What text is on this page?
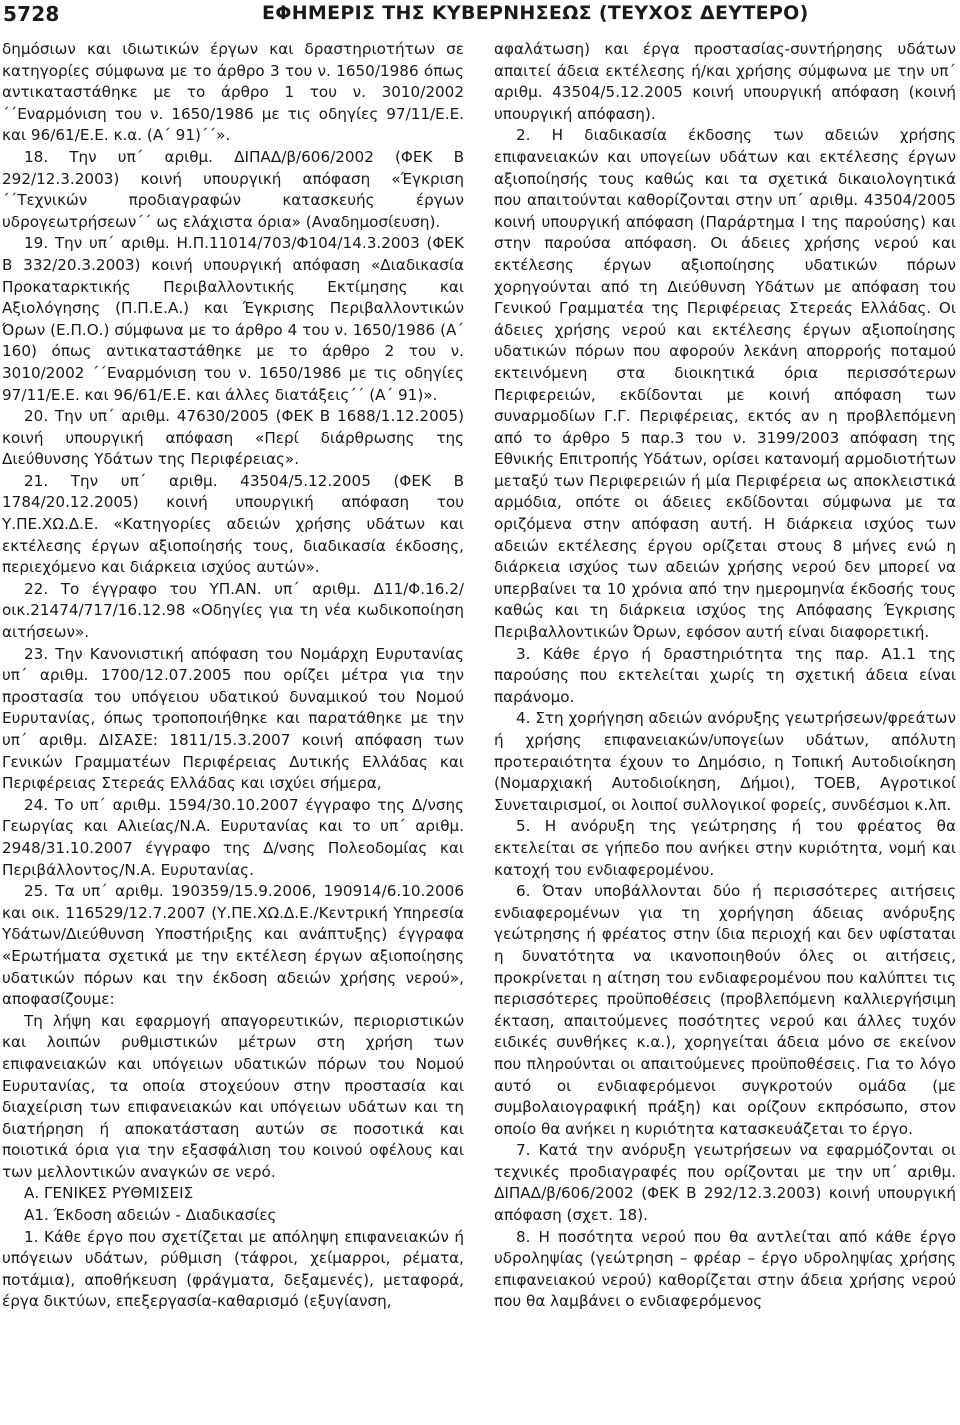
5728	ΕΦΗΜΕΡΙΣ ΤΗΣ ΚΥΒΕΡΝΗΣΕΩΣ (ΤΕΥΧΟΣ ΔΕΥΤΕΡΟ)

δημόσιων και ιδιωτικών έργων και δραστηριοτήτων σε κατηγορίες σύμφωνα με το άρθρο 3 του ν. 1650/1986 όπως αντικαταστάθηκε με το άρθρο 1 του ν. 3010/2002 ´´Εναρμόνιση του ν. 1650/1986 με τις οδηγίες 97/11/Ε.Ε. και 96/61/Ε.Ε. κ.α. (Α´ 91)´´».

18. Την υπ΄ αριθμ. ΔΙΠΑΔ/β/606/2002 (ΦΕΚ Β 292/12.3.2003) κοινή υπουργική απόφαση «Έγκριση ´´Τεχνικών προδιαγραφών κατασκευής έργων υδρογεωτρήσεων´´ ως ελάχιστα όρια» (Αναδημοσίευση).

19. Την υπ΄ αριθμ. Η.Π.11014/703/Φ104/14.3.2003 (ΦΕΚ Β 332/20.3.2003) κοινή υπουργική απόφαση «Διαδικασία Προκαταρκτικής Περιβαλλοντικής Εκτίμησης και Αξιολόγησης (Π.Π.Ε.Α.) και Έγκρισης Περιβαλλοντικών Όρων (Ε.Π.Ο.) σύμφωνα με το άρθρο 4 του ν. 1650/1986 (Α´ 160) όπως αντικαταστάθηκε με το άρθρο 2 του ν. 3010/2002 ´´Εναρμόνιση του ν. 1650/1986 με τις οδηγίες 97/11/Ε.Ε. και 96/61/Ε.Ε. και άλλες διατάξεις´´ (Α´ 91)».

20. Την υπ΄ αριθμ. 47630/2005 (ΦΕΚ Β 1688/1.12.2005) κοινή υπουργική απόφαση «Περί διάρθρωσης της Διεύθυνσης Υδάτων της Περιφέρειας».

21. Την υπ΄ αριθμ. 43504/5.12.2005 (ΦΕΚ Β 1784/20.12.2005) κοινή υπουργική απόφαση του Υ.ΠΕ.ΧΩ.Δ.Ε. «Κατηγορίες αδειών χρήσης υδάτων και εκτέλεσης έργων αξιοποίησής τους, διαδικασία έκδοσης, περιεχόμενο και διάρκεια ισχύος αυτών».

22. Το έγγραφο του ΥΠ.ΑΝ. υπ΄ αριθμ. Δ11/Φ.16.2/οικ.21474/717/16.12.98 «Οδηγίες για τη νέα κωδικοποίηση αιτήσεων».

23. Την Κανονιστική απόφαση του Νομάρχη Ευρυτανίας υπ΄ αριθμ. 1700/12.07.2005 που ορίζει μέτρα για την προστασία του υπόγειου υδατικού δυναμικού του Νομού Ευρυτανίας, όπως τροποποιήθηκε και παρατάθηκε με την υπ΄ αριθμ. ΔΙΣΑΣΕ: 1811/15.3.2007 κοινή απόφαση των Γενικών Γραμματέων Περιφέρειας Δυτικής Ελλάδας και Περιφέρειας Στερεάς Ελλάδας και ισχύει σήμερα,

24. Το υπ΄ αριθμ. 1594/30.10.2007 έγγραφο της Δ/νσης Γεωργίας και Αλιείας/Ν.Α. Ευρυτανίας και το υπ΄ αριθμ. 2948/31.10.2007 έγγραφο της Δ/νσης Πολεοδομίας και Περιβάλλοντος/Ν.Α. Ευρυτανίας.

25. Τα υπ΄ αριθμ. 190359/15.9.2006, 190914/6.10.2006 και οικ. 116529/12.7.2007 (Υ.ΠΕ.ΧΩ.Δ.Ε./Κεντρική Υπηρεσία Υδάτων/Διεύθυνση Υποστήριξης και ανάπτυξης) έγγραφα «Ερωτήματα σχετικά με την εκτέλεση έργων αξιοποίησης υδατικών πόρων και την έκδοση αδειών χρήσης νερού», αποφασίζουμε:

Τη λήψη και εφαρμογή απαγορευτικών, περιοριστικών και λοιπών ρυθμιστικών μέτρων στη χρήση των επιφανειακών και υπόγειων υδατικών πόρων του Νομού Ευρυτανίας, τα οποία στοχεύουν στην προστασία και διαχείριση των επιφανειακών και υπόγειων υδάτων και τη διατήρηση ή αποκατάσταση αυτών σε ποσοτικά και ποιοτικά όρια για την εξασφάλιση του κοινού οφέλους και των μελλοντικών αναγκών σε νερό.

Α. ΓΕΝΙΚΕΣ ΡΥΘΜΙΣΕΙΣ

Α1. Έκδοση αδειών - Διαδικασίες

1. Κάθε έργο που σχετίζεται με απόληψη επιφανειακών ή υπόγειων υδάτων, ρύθμιση (τάφροι, χείμαρροι, ρέματα, ποτάμια), αποθήκευση (φράγματα, δεξαμενές), μεταφορά, έργα δικτύων, επεξεργασία-καθαρισμό (εξυγίανση,

αφαλάτωση) και έργα προστασίας-συντήρησης υδάτων απαιτεί άδεια εκτέλεσης ή/και χρήσης σύμφωνα με την υπ΄ αριθμ. 43504/5.12.2005 κοινή υπουργική απόφαση (κοινή υπουργική απόφαση).

2. Η διαδικασία έκδοσης των αδειών χρήσης επιφανειακών και υπογείων υδάτων και εκτέλεσης έργων αξιοποίησής τους καθώς και τα σχετικά δικαιολογητικά που απαιτούνται καθορίζονται στην υπ΄ αριθμ. 43504/2005 κοινή υπουργική απόφαση (Παράρτημα Ι της παρούσης) και στην παρούσα απόφαση. Οι άδειες χρήσης νερού και εκτέλεσης έργων αξιοποίησης υδατικών πόρων χορηγούνται από τη Διεύθυνση Υδάτων με απόφαση του Γενικού Γραμματέα της Περιφέρειας Στερεάς Ελλάδας. Οι άδειες χρήσης νερού και εκτέλεσης έργων αξιοποίησης υδατικών πόρων που αφορούν λεκάνη απορροής ποταμού εκτεινόμενη στα διοικητικά όρια περισσότερων Περιφερειών, εκδίδονται με κοινή απόφαση των συναρμοδίων Γ.Γ. Περιφέρειας, εκτός αν η προβλεπόμενη από το άρθρο 5 παρ.3 του ν. 3199/2003 απόφαση της Εθνικής Επιτροπής Υδάτων, ορίσει κατανομή αρμοδιοτήτων μεταξύ των Περιφερειών ή μία Περιφέρεια ως αποκλειστικά αρμόδια, οπότε οι άδειες εκδίδονται σύμφωνα με τα οριζόμενα στην απόφαση αυτή. Η διάρκεια ισχύος των αδειών εκτέλεσης έργου ορίζεται στους 8 μήνες ενώ η διάρκεια ισχύος των αδειών χρήσης νερού δεν μπορεί να υπερβαίνει τα 10 χρόνια από την ημερομηνία έκδοσής τους καθώς και τη διάρκεια ισχύος της Απόφασης Έγκρισης Περιβαλλοντικών Όρων, εφόσον αυτή είναι διαφορετική.

3. Κάθε έργο ή δραστηριότητα της παρ. Α1.1 της παρούσης που εκτελείται χωρίς τη σχετική άδεια είναι παράνομο.

4. Στη χορήγηση αδειών ανόρυξης γεωτρήσεων/φρεάτων ή χρήσης επιφανειακών/υπογείων υδάτων, απόλυτη προτεραιότητα έχουν το Δημόσιο, η Τοπική Αυτοδιοίκηση (Νομαρχιακή Αυτοδιοίκηση, Δήμοι), ΤΟΕΒ, Αγροτικοί Συνεταιρισμοί, οι λοιποί συλλογικοί φορείς, συνδέσμοι κ.λπ.

5. Η ανόρυξη της γεώτρησης ή του φρέατος θα εκτελείται σε γήπεδο που ανήκει στην κυριότητα, νομή και κατοχή του ενδιαφερομένου.

6. Όταν υποβάλλονται δύο ή περισσότερες αιτήσεις ενδιαφερομένων για τη χορήγηση άδειας ανόρυξης γεώτρησης ή φρέατος στην ίδια περιοχή και δεν υφίσταται η δυνατότητα να ικανοποιηθούν όλες οι αιτήσεις, προκρίνεται η αίτηση του ενδιαφερομένου που καλύπτει τις περισσότερες προϋποθέσεις (προβλεπόμενη καλλιεργήσιμη έκταση, απαιτούμενες ποσότητες νερού και άλλες τυχόν ειδικές συνθήκες κ.α.), χορηγείται άδεια μόνο σε εκείνον που πληρούνται οι απαιτούμενες προϋποθέσεις. Για το λόγο αυτό οι ενδιαφερόμενοι συγκροτούν ομάδα (με συμβολαιογραφική πράξη) και ορίζουν εκπρόσωπο, στον οποίο θα ανήκει η κυριότητα κατασκευάζεται το έργο.

7. Κατά την ανόρυξη γεωτρήσεων να εφαρμόζονται οι τεχνικές προδιαγραφές που ορίζονται με την υπ΄ αριθμ. ΔΙΠΑΔ/β/606/2002 (ΦΕΚ Β 292/12.3.2003) κοινή υπουργική απόφαση (σχετ. 18).

8. Η ποσότητα νερού που θα αντλείται από κάθε έργο υδροληψίας (γεώτρηση – φρέαρ – έργο υδροληψίας χρήσης επιφανειακού νερού) καθορίζεται στην άδεια χρήσης νερού που θα λαμβάνει ο ενδιαφερόμενος
